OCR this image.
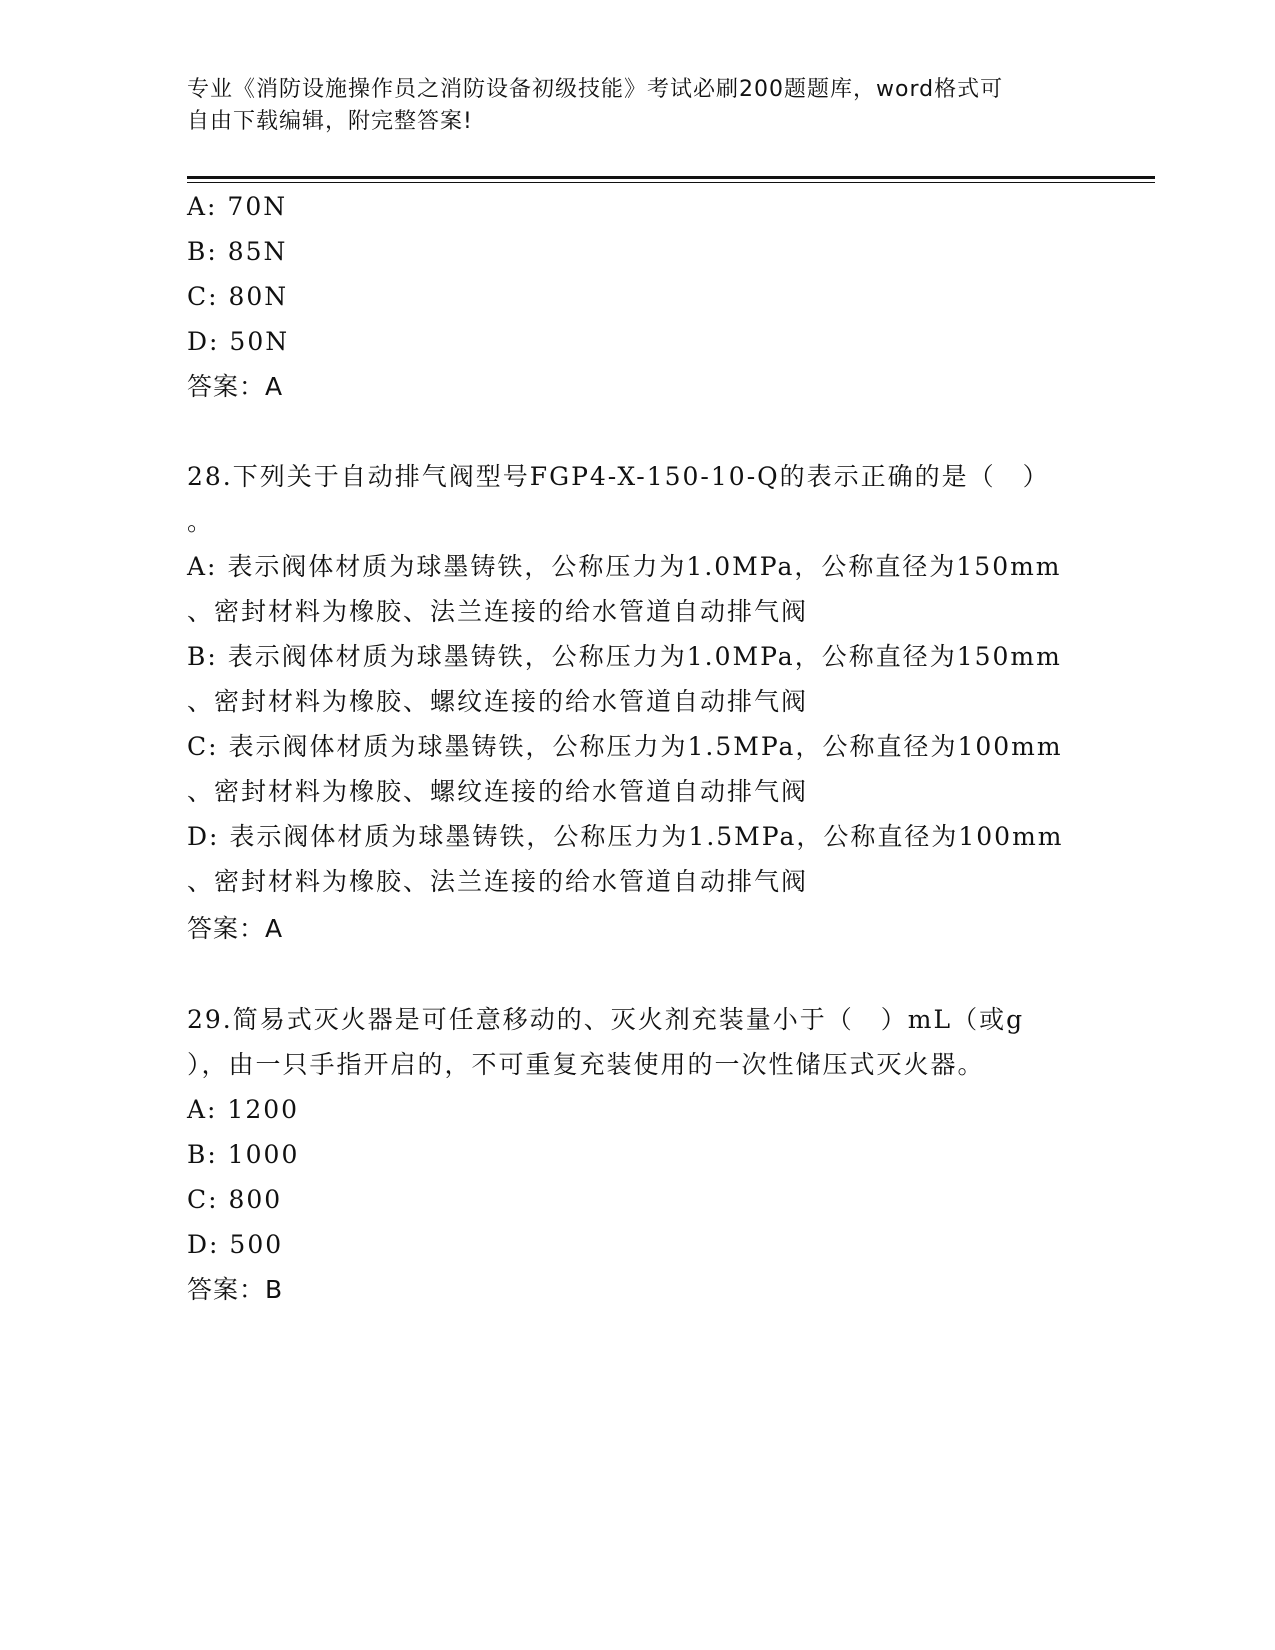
专业《消防设施操作员之消防设备初级技能》考试必刷200题题库，word格式可
自由下载编辑，附完整答案!
A: 70N
B: 85N
C: 80N
D: 50N
答案：A
28.下列关于自动排气阀型号FGP4-X-150-10-Q的表示正确的是（　）
。
A: 表示阀体材质为球墨铸铁，公称压力为1.0MPa，公称直径为150mm
、密封材料为橡胶、法兰连接的给水管道自动排气阀
B: 表示阀体材质为球墨铸铁，公称压力为1.0MPa，公称直径为150mm
、密封材料为橡胶、螺纹连接的给水管道自动排气阀
C: 表示阀体材质为球墨铸铁，公称压力为1.5MPa，公称直径为100mm
、密封材料为橡胶、螺纹连接的给水管道自动排气阀
D: 表示阀体材质为球墨铸铁，公称压力为1.5MPa，公称直径为100mm
、密封材料为橡胶、法兰连接的给水管道自动排气阀
答案：A
29.简易式灭火器是可任意移动的、灭火剂充装量小于（　）mL（或g
），由一只手指开启的，不可重复充装使用的一次性储压式灭火器。
A: 1200
B: 1000
C: 800
D: 500
答案：B
